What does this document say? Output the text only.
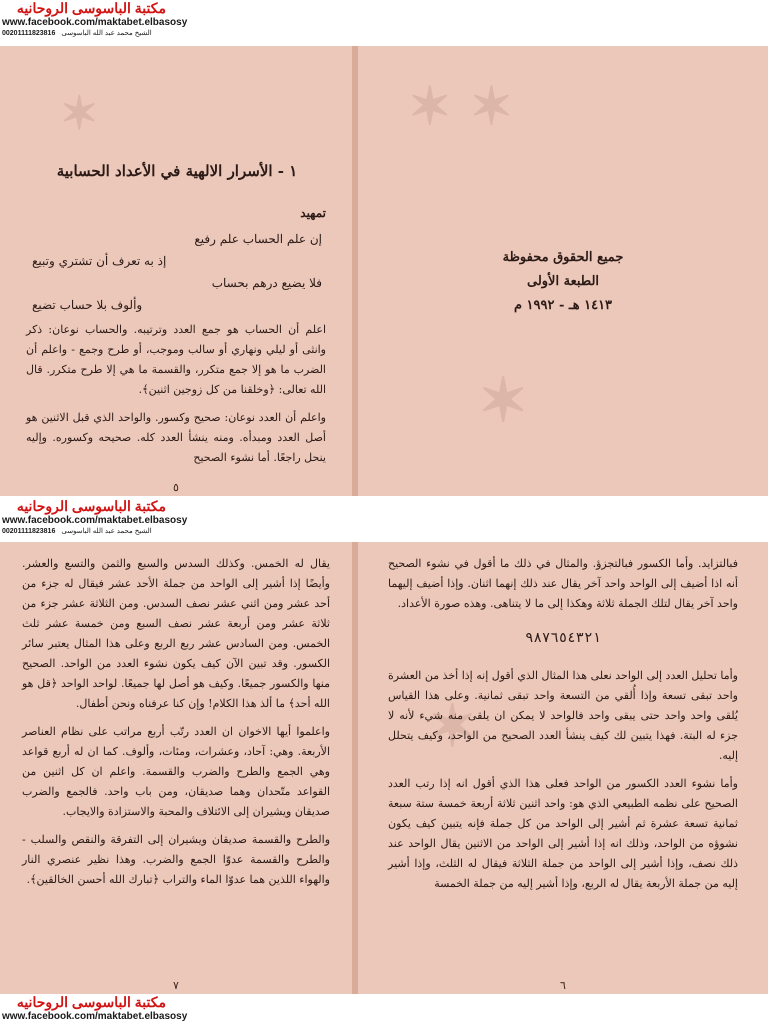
مكتبة الباسوسى الروحانيه
www.facebook.com/maktabet.elbasosy
00201111823816 الشيخ محمد عبد الله الباسوسى
✶
١ - الأسرار الالهية في الأعداد الحسابية
تمهيد
إن علم الحساب علم رفيع
إذ به تعرف أن تشتري وتبيع
فلا يضيع درهم بحساب
وألوف بلا حساب تضيع

اعلم أن الحساب هو جمع العدد وترتيبه. والحساب نوعان: ذكر وانثى أو ليلي ونهاري أو سالب وموجب، أو طرح وجمع - واعلم أن الضرب ما هو إلا جمع متكرر، والقسمة ما هي إلا طرح متكرر. قال الله تعالى: ﴿وخلقنا من كل زوجين اثنين﴾.

واعلم أن العدد نوعان: صحيح وكسور. والواحد الذي قبل الاثنين هو أصل العدد ومبدأه. ومنه ينشأ العدد كله. صحيحه وكسوره. وإليه ينحل راجعًا. أما نشوء الصحيح

٥
✶ ✶
✶
جميع الحقوق محفوظة
الطبعة الأولى
١٤١٣ هـ - ١٩٩٢ م
مكتبة الباسوسى الروحانيه
www.facebook.com/maktabet.elbasosy
00201111823816 الشيخ محمد عبد الله الباسوسى

يقال له الخمس. وكذلك السدس والسبع والثمن والتسع والعشر. وأيضًا إذا أشير إلى الواحد من جملة الأحد عشر فيقال له جزء من أحد عشر ومن اثني عشر نصف السدس. ومن الثلاثة عشر جزء من ثلاثة عشر ومن أربعة عشر نصف السبع ومن خمسة عشر ثلث الخمس. ومن السادس عشر ربع الربع وعلى هذا المثال يعتبر سائر الكسور. وقد تبين الآن كيف يكون نشوء العدد من الواحد. الصحيح منها والكسور جميعًا. وكيف هو أصل لها جميعًا. لواحد الواحد ﴿قل هو الله أحد﴾ ما ألذ هذا الكلام! وإن كنا عرفناه ونحن أطفال.

واعلموا أيها الاخوان ان العدد رتّب أربع مراتب على نظام العناصر الأربعة. وهي: آحاد، وعشرات، ومئات، وألوف. كما ان له أربع قواعد وهي الجمع والطرح والضرب والقسمة. واعلم ان كل اثنين من القواعد متّحدان وهما صديقان، ومن باب واحد. فالجمع والضرب صديقان ويشيران إلى الائتلاف والمحبة والاستزادة والايجاب.

والطرح والقسمة صديقان ويشيران إلى التفرقة والنقص والسلب - والطرح والقسمة عدوّا الجمع والضرب. وهذا نظير عنصري النار والهواء اللذين هما عدوّا الماء والتراب ﴿تبارك الله أحسن الخالقين﴾.

٧
✶

فبالتزايد. وأما الكسور فبالتجزؤ. والمثال في ذلك ما أقول في نشوء الصحيح أنه اذا أضيف إلى الواحد واحد آخر يقال عند ذلك إنهما اثنان. وإذا أضيف إليهما واحد آخر يقال لتلك الجملة ثلاثة وهكذا إلى ما لا يتناهى. وهذه صورة الأعداد.

٩٨٧٦٥٤٣٢١

وأما تحليل العدد إلى الواحد نعلى هذا المثال الذي أقول إنه إذا أخذ من العشرة واحد تبقى تسعة وإذا أُلقي من التسعة واحد تبقى ثمانية. وعلى هذا القياس يُلقى واحد واحد حتى يبقى واحد فالواحد لا يمكن ان يلقى منه شيء لأنه لا جزء له البتة. فهذا يتبين لك كيف ينشأ العدد الصحيح من الواحد، وكيف يتحلل إليه.

وأما نشوء العدد الكسور من الواحد فعلى هذا الذي أقول انه إذا رتب العدد الصحيح على نظمه الطبيعي الذي هو: واحد اثنين ثلاثة أربعة خمسة ستة سبعة ثمانية تسعة عشرة ثم أشير إلى الواحد من كل جملة فإنه يتبين كيف يكون نشوؤه من الواحد، وذلك انه إذا أشير إلى الواحد من الاثنين يقال الواحد عند ذلك نصف، وإذا أشير إلى الواحد من جملة الثلاثة فيقال له الثلث، وإذا أشير إليه من جملة الأربعة يقال له الربع، وإذا أشير إليه من جملة الخمسة

٦
مكتبة الباسوسى الروحانيه
www.facebook.com/maktabet.elbasosy
